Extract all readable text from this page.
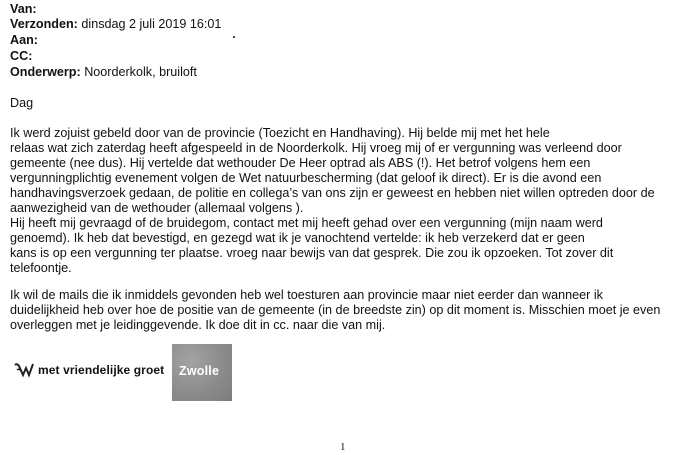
Van:
Verzonden: dinsdag 2 juli 2019 16:01
Aan:
CC:
Onderwerp: Noorderkolk, bruiloft
Dag
Ik werd zojuist gebeld door van de provincie (Toezicht en Handhaving). Hij belde mij met het hele
relaas wat zich zaterdag heeft afgespeeld in de Noorderkolk. Hij vroeg mij of er vergunning was verleend door
gemeente (nee dus). Hij vertelde dat wethouder De Heer optrad als ABS (!). Het betrof volgens hem een
vergunningplichtig evenement volgen de Wet natuurbescherming (dat geloof ik direct). Er is die avond een
handhavingsverzoek gedaan, de politie en collega’s van ons zijn er geweest en hebben niet willen optreden door de
aanwezigheid van de wethouder (allemaal volgens ).
Hij heeft mij gevraagd of de bruidegom, contact met mij heeft gehad over een vergunning (mijn naam werd
genoemd). Ik heb dat bevestigd, en gezegd wat ik je vanochtend vertelde: ik heb verzekerd dat er geen
kans is op een vergunning ter plaatse. vroeg naar bewijs van dat gesprek. Die zou ik opzoeken. Tot zover dit
telefoontje.
Ik wil de mails die ik inmiddels gevonden heb wel toesturen aan provincie maar niet eerder dan wanneer ik
duidelijkheid heb over hoe de positie van de gemeente (in de breedste zin) op dit moment is. Misschien moet je even
overleggen met je leidinggevende. Ik doe dit in cc. naar die van mij.
met vriendelijke groet Zwolle
1
